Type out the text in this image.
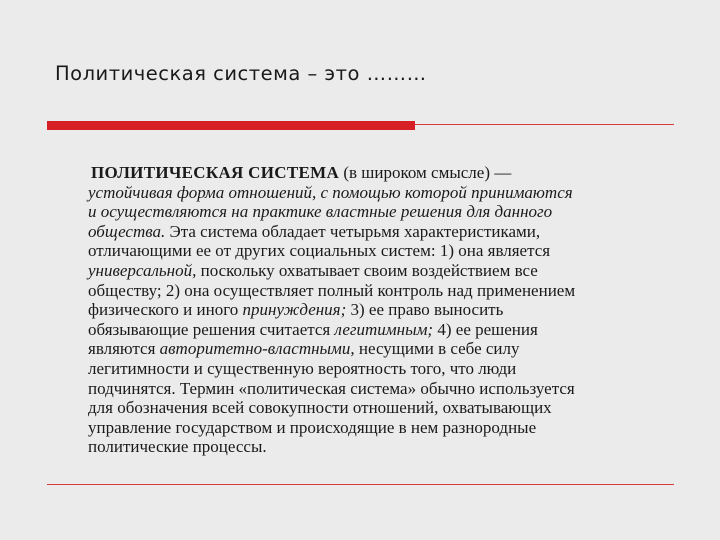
Политическая система – это ………
ПОЛИТИЧЕСКАЯ СИСТЕМА (в широком смысле) —
устойчивая форма отношений, с помощью которой принимаются
и осуществляются на практике властные решения для данного
общества. Эта система обладает четырьмя характеристиками,
отличающими ее от других социальных систем: 1) она является
универсальной, поскольку охватывает своим воздействием все
обществу; 2) она осуществляет полный контроль над применением
физического и иного принуждения; 3) ее право выносить
обязывающие решения считается легитимным; 4) ее решения
являются авторитетно-властными, несущими в себе силу
легитимности и существенную вероятность того, что люди
подчинятся. Термин «политическая система» обычно используется
для обозначения всей совокупности отношений, охватывающих
управление государством и происходящие в нем разнородные
политические процессы.
